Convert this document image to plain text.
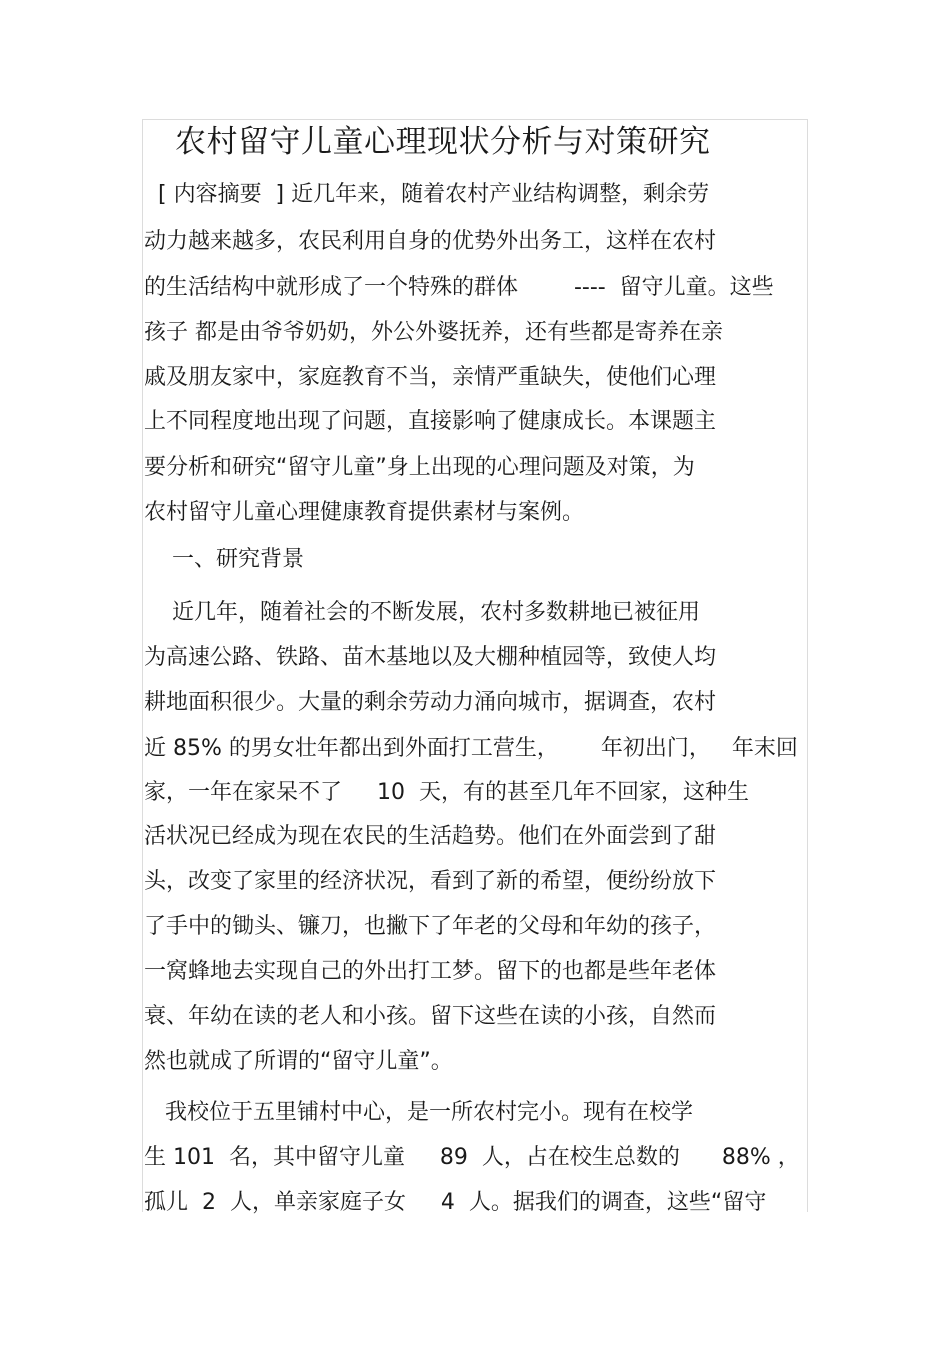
农村留守儿童心理现状分析与对策研究
[ 内容摘要  ] 近几年来，随着农村产业结构调整，剩余劳
动力越来越多，农民利用自身的优势外出务工，这样在农村
的生活结构中就形成了一个特殊的群体        ----  留守儿童。这些
孩子 都是由爷爷奶奶，外公外婆抚养，还有些都是寄养在亲
戚及朋友家中，家庭教育不当，亲情严重缺失，使他们心理
上不同程度地出现了问题，直接影响了健康成长。本课题主
要分析和研究“留守儿童”身上出现的心理问题及对策，为
农村留守儿童心理健康教育提供素材与案例。
一、研究背景
近几年，随着社会的不断发展，农村多数耕地已被征用
为高速公路、铁路、苗木基地以及大棚种植园等，致使人均
耕地面积很少。大量的剩余劳动力涌向城市，据调查，农村
近 85% 的男女壮年都出到外面打工营生，      年初出门，   年末回
家，一年在家呆不了     10  天，有的甚至几年不回家，这种生
活状况已经成为现在农民的生活趋势。他们在外面尝到了甜
头，改变了家里的经济状况，看到了新的希望，便纷纷放下
了手中的锄头、镰刀，也撇下了年老的父母和年幼的孩子，
一窝蜂地去实现自己的外出打工梦。留下的也都是些年老体
衰、年幼在读的老人和小孩。留下这些在读的小孩，自然而
然也就成了所谓的“留守儿童”。
我校位于五里铺村中心，是一所农村完小。现有在校学
生 101  名，其中留守儿童     89  人，占在校生总数的      88% ，
孤儿  2  人，单亲家庭子女     4  人。据我们的调查，这些“留守
